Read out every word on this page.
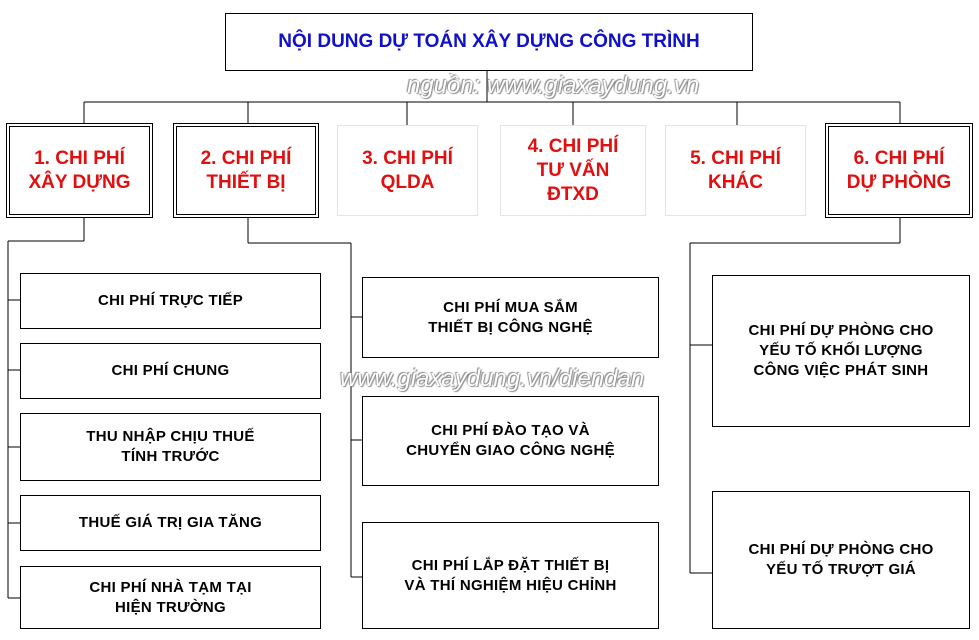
NỘI DUNG DỰ TOÁN XÂY DỰNG CÔNG TRÌNH
1. CHI PHÍ
XÂY DỰNG
2. CHI PHÍ
THIẾT BỊ
3. CHI PHÍ
QLDA
4. CHI PHÍ
TƯ VẤN
ĐTXD
5. CHI PHÍ
KHÁC
6. CHI PHÍ
DỰ PHÒNG
CHI PHÍ TRỰC TIẾP
CHI PHÍ CHUNG
THU NHẬP CHỊU THUẾ
TÍNH TRƯỚC
THUẾ GIÁ TRỊ GIA TĂNG
CHI PHÍ NHÀ TẠM TẠI
HIỆN TRƯỜNG
CHI PHÍ MUA SẮM
THIẾT BỊ CÔNG NGHỆ
CHI PHÍ ĐÀO TẠO VÀ
CHUYỂN GIAO CÔNG NGHỆ
CHI PHÍ LẮP ĐẶT THIẾT BỊ
VÀ THÍ NGHIỆM HIỆU CHỈNH
CHI PHÍ DỰ PHÒNG CHO
YẾU TỐ KHỐI LƯỢNG
CÔNG VIỆC PHÁT SINH
CHI PHÍ DỰ PHÒNG CHO
YẾU TỐ TRƯỢT GIÁ
nguồn: www.giaxaydung.vn
www.giaxaydung.vn/diendan
